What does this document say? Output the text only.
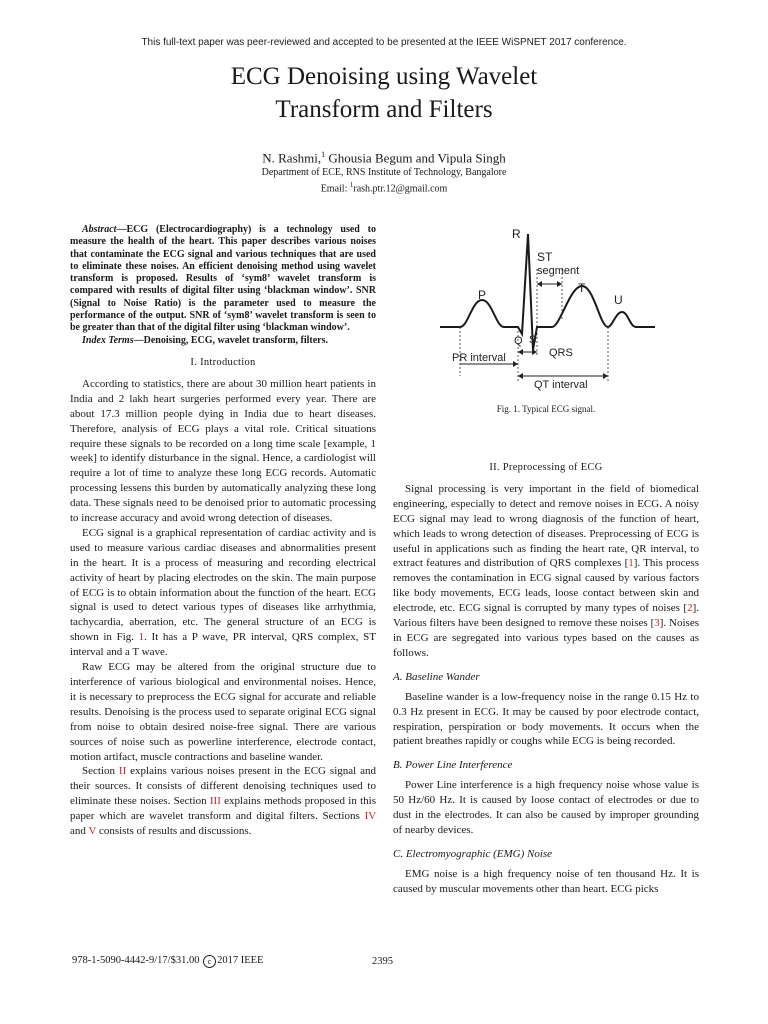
This full-text paper was peer-reviewed and accepted to be presented at the IEEE WiSPNET 2017 conference.
ECG Denoising using Wavelet
Transform and Filters
N. Rashmi,$^1$ Ghousia Begum and Vipula Singh
Department of ECE, RNS Institute of Technology, Bangalore
Email: $^1$rash.ptr.12@gmail.com

Abstract—ECG (Electrocardiography) is a technology used to measure the health of the heart. This paper describes various noises that contaminate the ECG signal and various techniques that are used to eliminate these noises. An efficient denoising method using wavelet transform is proposed. Results of ‘sym8’ wavelet transform is compared with results of digital filter using ‘blackman window’. SNR (Signal to Noise Ratio) is the parameter used to measure the performance of the output. SNR of ‘sym8’ wavelet transform is seen to be greater than that of the digital filter using ‘blackman window’.

Index Terms—Denoising, ECG, wavelet transform, filters.

I. Introduction

According to statistics, there are about 30 million heart patients in India and 2 lakh heart surgeries performed every year. There are about 17.3 million people dying in India due to heart diseases. Therefore, analysis of ECG plays a vital role. Critical situations require these signals to be recorded on a long time scale [example, 1 week] to identify disturbance in the signal. Hence, a cardiologist will require a lot of time to analyze these long ECG records. Automatic processing lessens this burden by automatically analyzing these long data. These signals need to be denoised prior to automatic processing to increase accuracy and avoid wrong detection of diseases.

ECG signal is a graphical representation of cardiac activity and is used to measure various cardiac diseases and abnormalities present in the heart. It is a process of measuring and recording electrical activity of heart by placing electrodes on the skin. The main purpose of ECG is to obtain information about the function of the heart. ECG signal is used to detect various types of diseases like arrhythmia, tachycardia, aberration, etc. The general structure of an ECG is shown in Fig. 1. It has a P wave, PR interval, QRS complex, ST interval and a T wave.

Raw ECG may be altered from the original structure due to interference of various biological and environmental noises. Hence, it is necessary to preprocess the ECG signal for accurate and reliable results. Denoising is the process used to separate original ECG signal from noise to obtain desired noise-free signal. There are various sources of noise such as powerline interference, electrode contact, motion artifact, muscle contractions and baseline wander.

Section II explains various noises present in the ECG signal and their sources. It consists of different denoising techniques used to eliminate these noises. Section III explains methods proposed in this paper which are wavelet transform and digital filters. Sections IV and V consists of results and discussions.

R
ST
segment
P	T
U
Q S
QRS
PR interval
QT interval
Fig. 1. Typical ECG signal.
II. Preprocessing of ECG

Signal processing is very important in the field of biomedical engineering, especially to detect and remove noises in ECG. A noisy ECG signal may lead to wrong diagnosis of the function of heart, which leads to wrong detection of diseases. Preprocessing of ECG is useful in applications such as finding the heart rate, QR interval, to extract features and distribution of QRS complexes [1]. This process removes the contamination in ECG signal caused by various factors like body movements, ECG leads, loose contact between skin and electrode, etc. ECG signal is corrupted by many types of noises [2]. Various filters have been designed to remove these noises [3]. Noises in ECG are segregated into various types based on the causes as follows.

A. Baseline Wander

Baseline wander is a low-frequency noise in the range 0.15 Hz to 0.3 Hz present in ECG. It may be caused by poor electrode contact, respiration, perspiration or body movements. It occurs when the patient breathes rapidly or coughs while ECG is being recorded.

B. Power Line Interference

Power Line interference is a high frequency noise whose value is 50 Hz/60 Hz. It is caused by loose contact of electrodes or due to dust in the electrodes. It can also be caused by improper grounding of nearby devices.

C. Electromyographic (EMG) Noise

EMG noise is a high frequency noise of ten thousand Hz. It is caused by muscular movements other than heart. ECG picks

978-1-5090-4442-9/17/$31.00 c 2017 IEEE	2395
